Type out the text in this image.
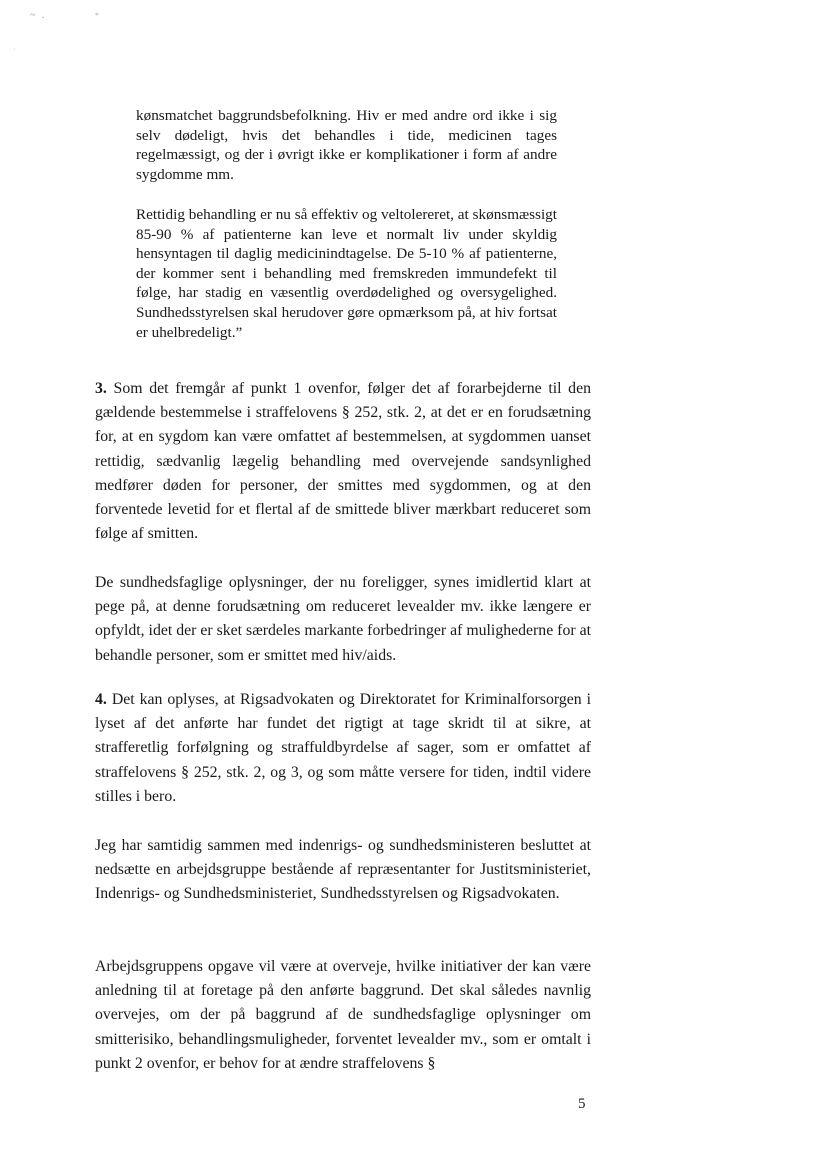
~ .	*
·

kønsmatchet baggrundsbefolkning. Hiv er med andre ord ikke i sig selv dødeligt, hvis det behandles i tide, medicinen tages regelmæssigt, og der i øvrigt ikke er komplikationer i form af andre sygdomme mm.

Rettidig behandling er nu så effektiv og veltolereret, at skønsmæssigt 85-90 % af patienterne kan leve et normalt liv under skyldig hensyntagen til daglig medicinindtagelse. De 5-10 % af patienterne, der kommer sent i behandling med fremskreden immundefekt til følge, har stadig en væsentlig overdødelighed og oversygelighed. Sundhedsstyrelsen skal herudover gøre opmærksom på, at hiv fortsat er uhelbredeligt.”

3. Som det fremgår af punkt 1 ovenfor, følger det af forarbejderne til den gældende bestemmelse i straffelovens § 252, stk. 2, at det er en forudsætning for, at en sygdom kan være omfattet af bestemmelsen, at sygdommen uanset rettidig, sædvanlig lægelig behandling med overvejende sandsynlighed medfører døden for personer, der smittes med sygdommen, og at den forventede levetid for et flertal af de smittede bliver mærkbart reduceret som følge af smitten.

De sundhedsfaglige oplysninger, der nu foreligger, synes imidlertid klart at pege på, at denne forudsætning om reduceret levealder mv. ikke længere er opfyldt, idet der er sket særdeles markante forbedringer af mulighederne for at behandle personer, som er smittet med hiv/aids.

4. Det kan oplyses, at Rigsadvokaten og Direktoratet for Kriminalforsorgen i lyset af det anførte har fundet det rigtigt at tage skridt til at sikre, at strafferetlig forfølgning og straffuldbyrdelse af sager, som er omfattet af straffelovens § 252, stk. 2, og 3, og som måtte versere for tiden, indtil videre stilles i bero.

Jeg har samtidig sammen med indenrigs- og sundhedsministeren besluttet at nedsætte en arbejdsgruppe bestående af repræsentanter for Justitsministeriet, Indenrigs- og Sundhedsministeriet, Sundhedsstyrelsen og Rigsadvokaten.

Arbejdsgruppens opgave vil være at overveje, hvilke initiativer der kan være anledning til at foretage på den anførte baggrund. Det skal således navnlig overvejes, om der på baggrund af de sundhedsfaglige oplysninger om smitterisiko, behandlingsmuligheder, forventet levealder mv., som er omtalt i punkt 2 ovenfor, er behov for at ændre straffelovens §

5
